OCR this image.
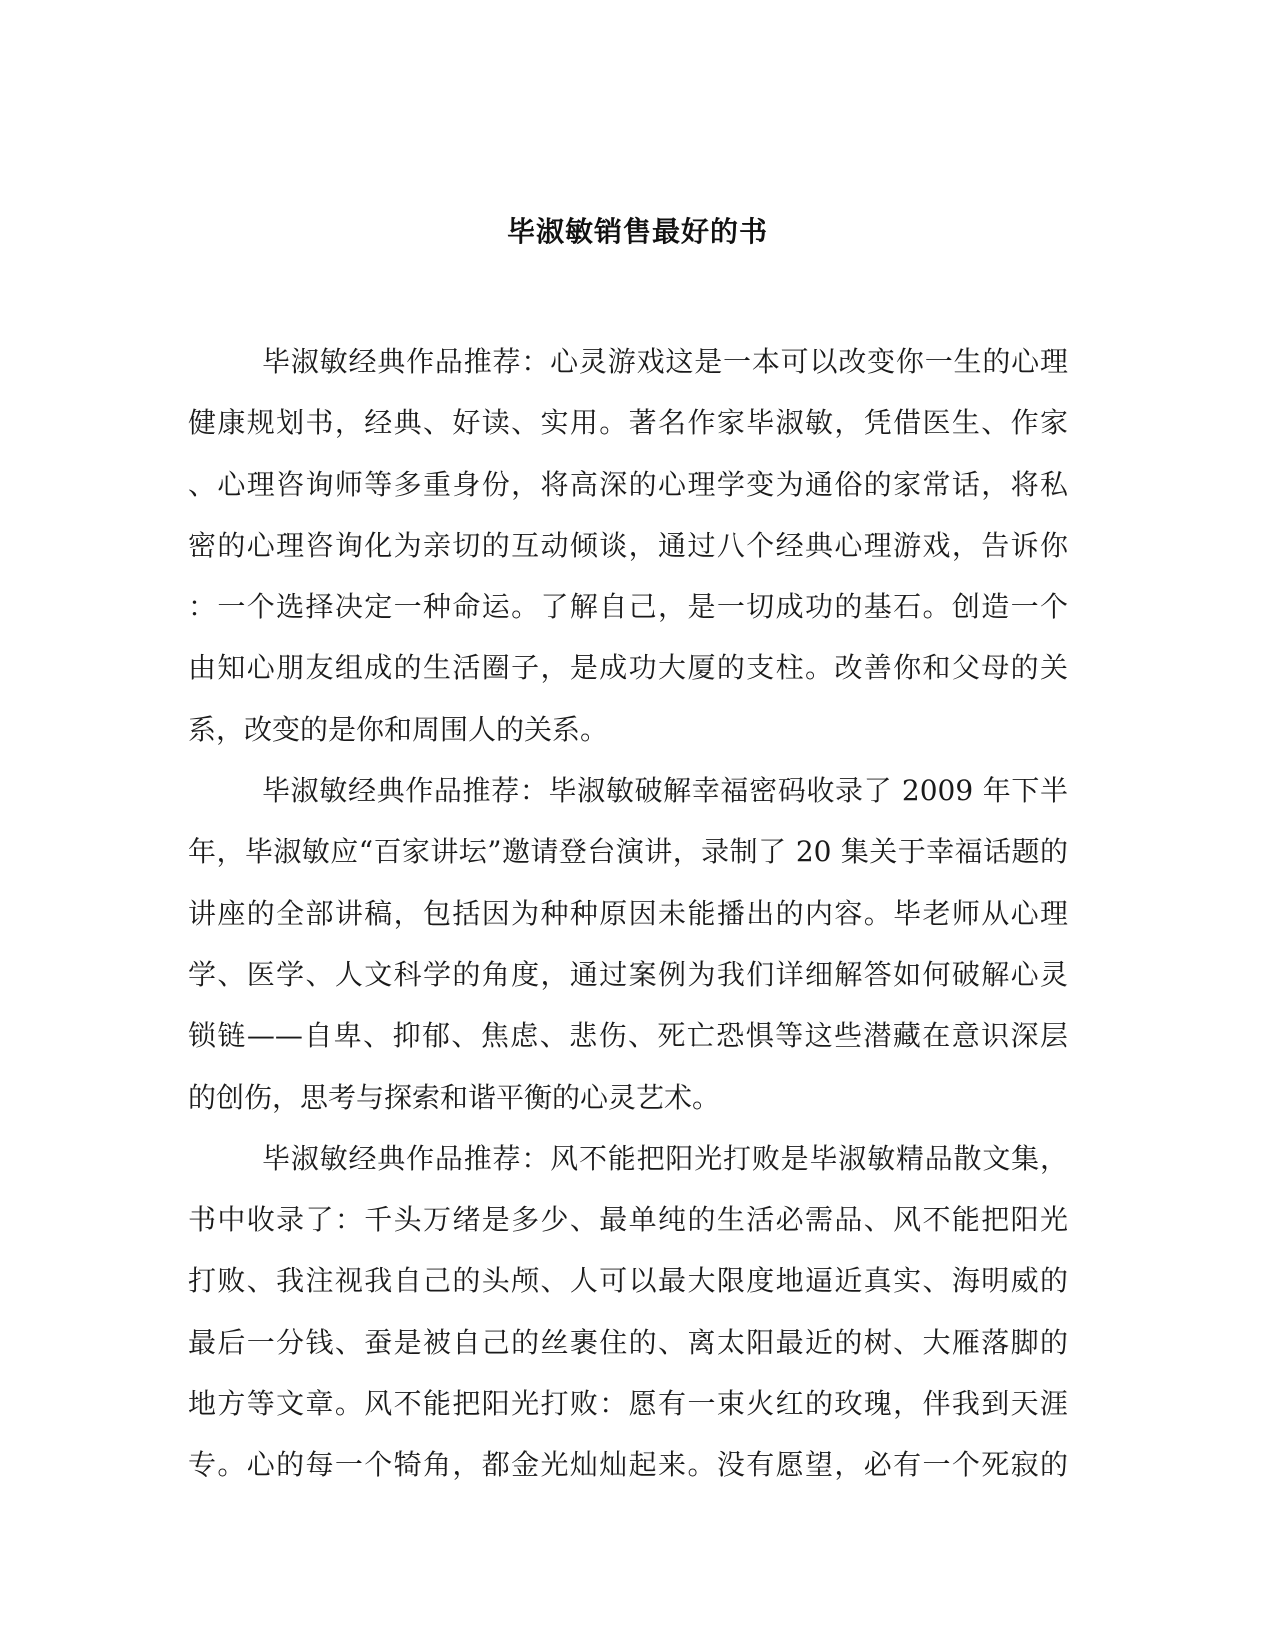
毕淑敏销售最好的书
毕淑敏经典作品推荐：心灵游戏这是一本可以改变你一生的心理
健康规划书，经典、好读、实用。著名作家毕淑敏，凭借医生、作家
、心理咨询师等多重身份，将高深的心理学变为通俗的家常话，将私
密的心理咨询化为亲切的互动倾谈，通过八个经典心理游戏，告诉你
：一个选择决定一种命运。了解自己，是一切成功的基石。创造一个
由知心朋友组成的生活圈子，是成功大厦的支柱。改善你和父母的关
系，改变的是你和周围人的关系。
毕淑敏经典作品推荐：毕淑敏破解幸福密码收录了 2009 年下半
年，毕淑敏应“百家讲坛”邀请登台演讲，录制了 20 集关于幸福话题的
讲座的全部讲稿，包括因为种种原因未能播出的内容。毕老师从心理
学、医学、人文科学的角度，通过案例为我们详细解答如何破解心灵
锁链——自卑、抑郁、焦虑、悲伤、死亡恐惧等这些潜藏在意识深层
的创伤，思考与探索和谐平衡的心灵艺术。
毕淑敏经典作品推荐：风不能把阳光打败是毕淑敏精品散文集，
书中收录了：千头万绪是多少、最单纯的生活必需品、风不能把阳光
打败、我注视我自己的头颅、人可以最大限度地逼近真实、海明威的
最后一分钱、蚕是被自己的丝裹住的、离太阳最近的树、大雁落脚的
地方等文章。风不能把阳光打败：愿有一束火红的玫瑰，伴我到天涯
专。心的每一个犄角，都金光灿灿起来。没有愿望，必有一个死寂的
